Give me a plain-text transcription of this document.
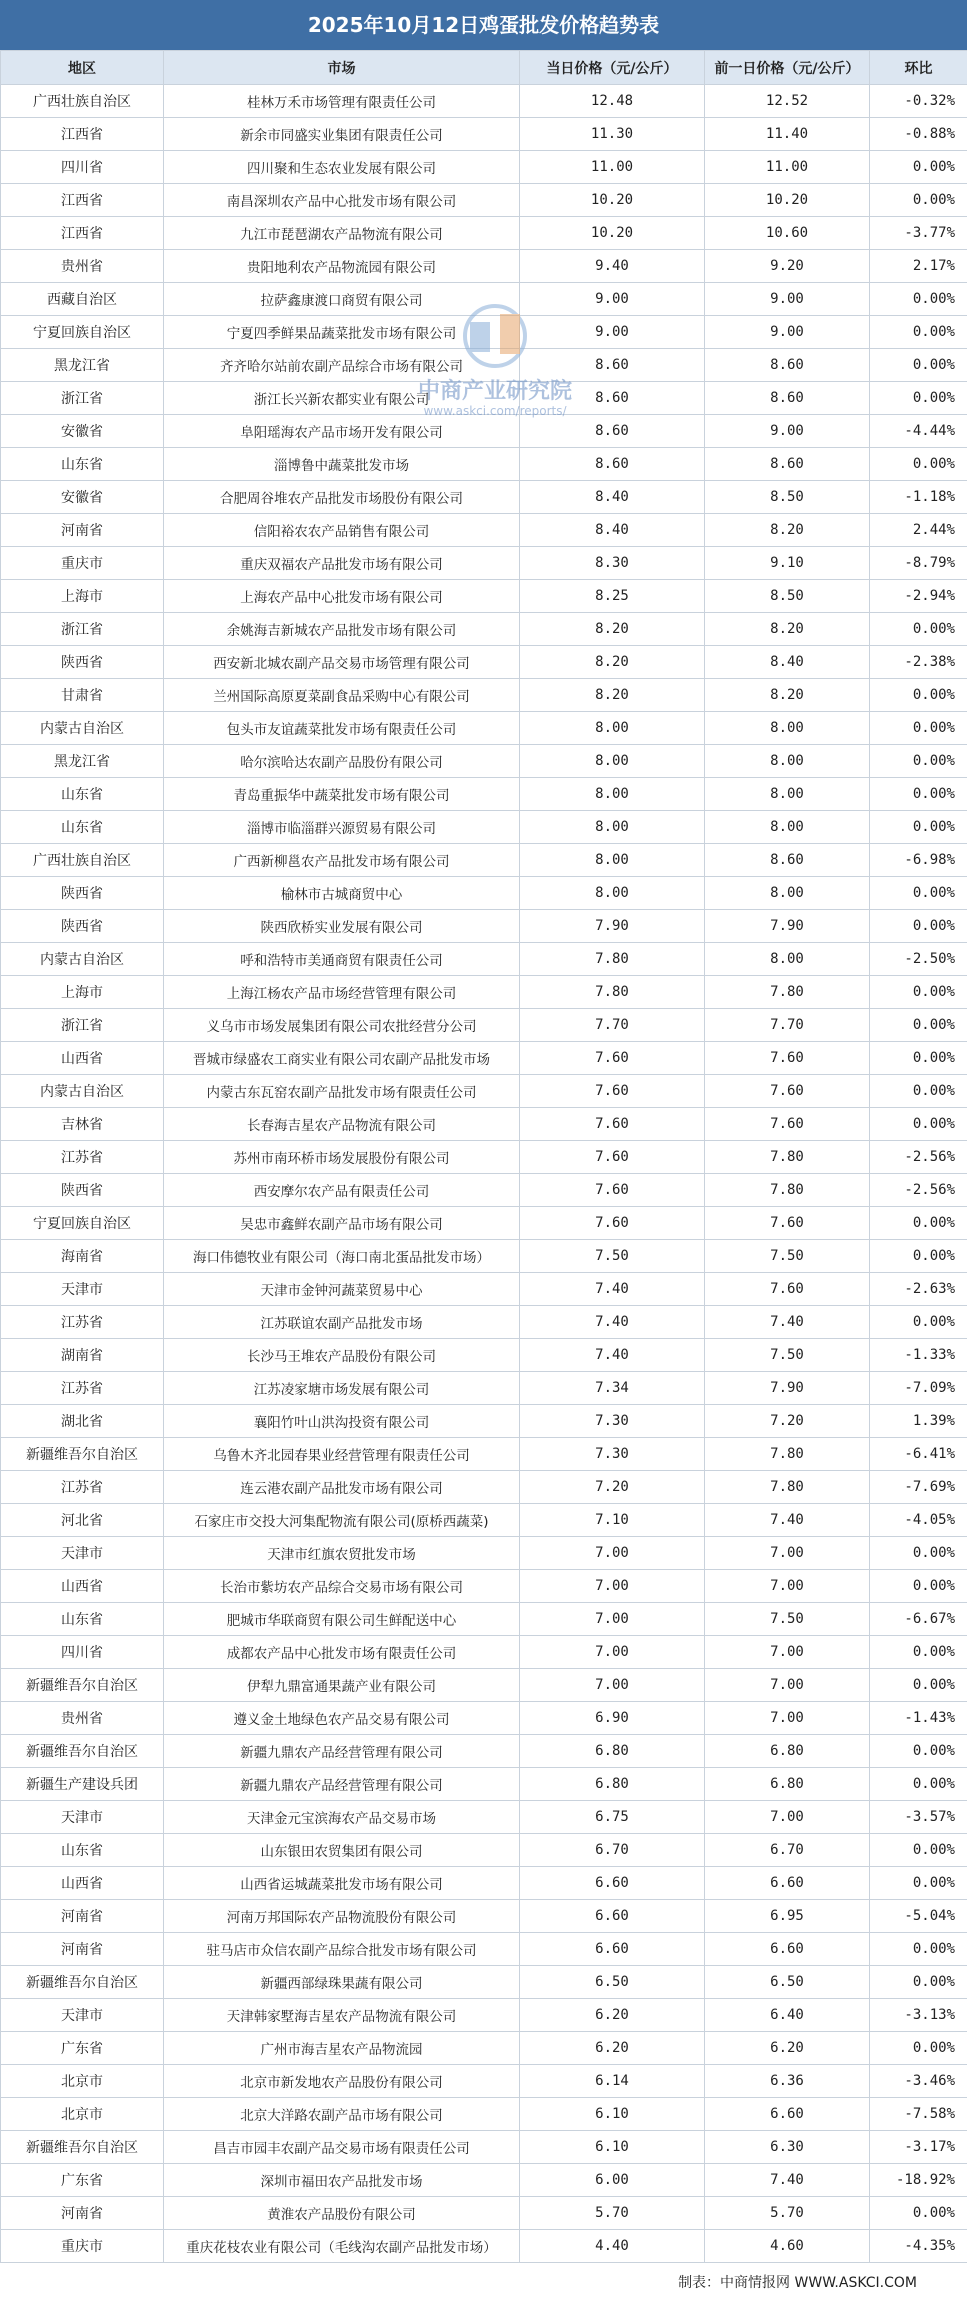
2025年10月12日鸡蛋批发价格趋势表
地区	市场	当日价格（元/公斤）	前一日价格（元/公斤）	环比
广西壮族自治区	桂林万禾市场管理有限责任公司	12.48	12.52	-0.32%
江西省	新余市同盛实业集团有限责任公司	11.30	11.40	-0.88%
四川省	四川聚和生态农业发展有限公司	11.00	11.00	0.00%
江西省	南昌深圳农产品中心批发市场有限公司	10.20	10.20	0.00%
江西省	九江市琵琶湖农产品物流有限公司	10.20	10.60	-3.77%
贵州省	贵阳地利农产品物流园有限公司	9.40	9.20	2.17%
西藏自治区	拉萨鑫康渡口商贸有限公司	9.00	9.00	0.00%
宁夏回族自治区	宁夏四季鲜果品蔬菜批发市场有限公司	9.00	9.00	0.00%
黑龙江省	齐齐哈尔站前农副产品综合市场有限公司	8.60	8.60	0.00%
浙江省	浙江长兴新农都实业有限公司	8.60	8.60	0.00%
安徽省	阜阳瑶海农产品市场开发有限公司	8.60	9.00	-4.44%
山东省	淄博鲁中蔬菜批发市场	8.60	8.60	0.00%
安徽省	合肥周谷堆农产品批发市场股份有限公司	8.40	8.50	-1.18%
河南省	信阳裕农农产品销售有限公司	8.40	8.20	2.44%
重庆市	重庆双福农产品批发市场有限公司	8.30	9.10	-8.79%
上海市	上海农产品中心批发市场有限公司	8.25	8.50	-2.94%
浙江省	余姚海吉新城农产品批发市场有限公司	8.20	8.20	0.00%
陕西省	西安新北城农副产品交易市场管理有限公司	8.20	8.40	-2.38%
甘肃省	兰州国际高原夏菜副食品采购中心有限公司	8.20	8.20	0.00%
内蒙古自治区	包头市友谊蔬菜批发市场有限责任公司	8.00	8.00	0.00%
黑龙江省	哈尔滨哈达农副产品股份有限公司	8.00	8.00	0.00%
山东省	青岛重振华中蔬菜批发市场有限公司	8.00	8.00	0.00%
山东省	淄博市临淄群兴源贸易有限公司	8.00	8.00	0.00%
广西壮族自治区	广西新柳邕农产品批发市场有限公司	8.00	8.60	-6.98%
陕西省	榆林市古城商贸中心	8.00	8.00	0.00%
陕西省	陕西欣桥实业发展有限公司	7.90	7.90	0.00%
内蒙古自治区	呼和浩特市美通商贸有限责任公司	7.80	8.00	-2.50%
上海市	上海江杨农产品市场经营管理有限公司	7.80	7.80	0.00%
浙江省	义乌市市场发展集团有限公司农批经营分公司	7.70	7.70	0.00%
山西省	晋城市绿盛农工商实业有限公司农副产品批发市场	7.60	7.60	0.00%
内蒙古自治区	内蒙古东瓦窑农副产品批发市场有限责任公司	7.60	7.60	0.00%
吉林省	长春海吉星农产品物流有限公司	7.60	7.60	0.00%
江苏省	苏州市南环桥市场发展股份有限公司	7.60	7.80	-2.56%
陕西省	西安摩尔农产品有限责任公司	7.60	7.80	-2.56%
宁夏回族自治区	吴忠市鑫鲜农副产品市场有限公司	7.60	7.60	0.00%
海南省	海口伟德牧业有限公司（海口南北蛋品批发市场）	7.50	7.50	0.00%
天津市	天津市金钟河蔬菜贸易中心	7.40	7.60	-2.63%
江苏省	江苏联谊农副产品批发市场	7.40	7.40	0.00%
湖南省	长沙马王堆农产品股份有限公司	7.40	7.50	-1.33%
江苏省	江苏凌家塘市场发展有限公司	7.34	7.90	-7.09%
湖北省	襄阳竹叶山洪沟投资有限公司	7.30	7.20	1.39%
新疆维吾尔自治区	乌鲁木齐北园春果业经营管理有限责任公司	7.30	7.80	-6.41%
江苏省	连云港农副产品批发市场有限公司	7.20	7.80	-7.69%
河北省	石家庄市交投大河集配物流有限公司(原桥西蔬菜)	7.10	7.40	-4.05%
天津市	天津市红旗农贸批发市场	7.00	7.00	0.00%
山西省	长治市紫坊农产品综合交易市场有限公司	7.00	7.00	0.00%
山东省	肥城市华联商贸有限公司生鲜配送中心	7.00	7.50	-6.67%
四川省	成都农产品中心批发市场有限责任公司	7.00	7.00	0.00%
新疆维吾尔自治区	伊犁九鼎富通果蔬产业有限公司	7.00	7.00	0.00%
贵州省	遵义金土地绿色农产品交易有限公司	6.90	7.00	-1.43%
新疆维吾尔自治区	新疆九鼎农产品经营管理有限公司	6.80	6.80	0.00%
新疆生产建设兵团	新疆九鼎农产品经营管理有限公司	6.80	6.80	0.00%
天津市	天津金元宝滨海农产品交易市场	6.75	7.00	-3.57%
山东省	山东银田农贸集团有限公司	6.70	6.70	0.00%
山西省	山西省运城蔬菜批发市场有限公司	6.60	6.60	0.00%
河南省	河南万邦国际农产品物流股份有限公司	6.60	6.95	-5.04%
河南省	驻马店市众信农副产品综合批发市场有限公司	6.60	6.60	0.00%
新疆维吾尔自治区	新疆西部绿珠果蔬有限公司	6.50	6.50	0.00%
天津市	天津韩家墅海吉星农产品物流有限公司	6.20	6.40	-3.13%
广东省	广州市海吉星农产品物流园	6.20	6.20	0.00%
北京市	北京市新发地农产品股份有限公司	6.14	6.36	-3.46%
北京市	北京大洋路农副产品市场有限公司	6.10	6.60	-7.58%
新疆维吾尔自治区	昌吉市园丰农副产品交易市场有限责任公司	6.10	6.30	-3.17%
广东省	深圳市福田农产品批发市场	6.00	7.40	-18.92%
河南省	黄淮农产品股份有限公司	5.70	5.70	0.00%
重庆市	重庆花枝农业有限公司（毛线沟农副产品批发市场）	4.40	4.60	-4.35%
中商产业研究院
www.askci.com/reports/
制表：中商情报网 WWW.ASKCI.COM
